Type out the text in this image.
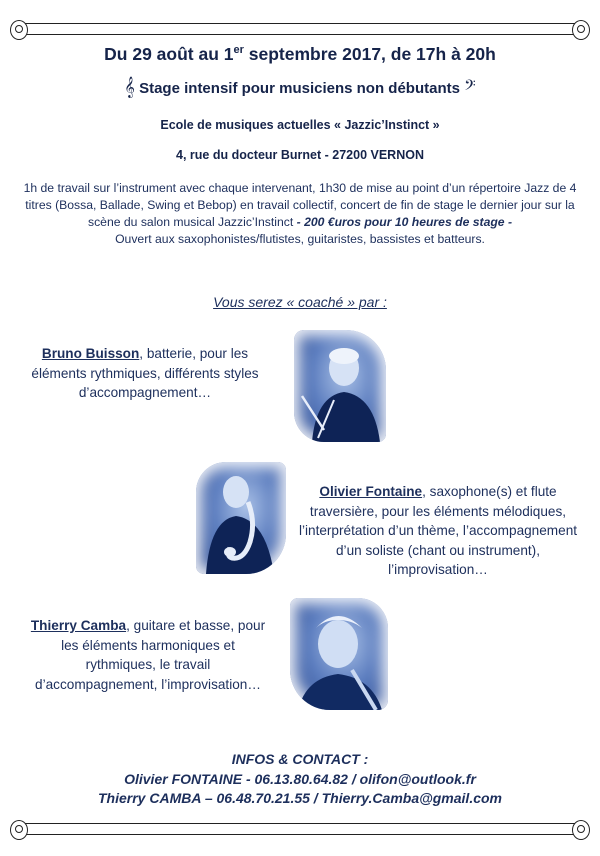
Du 29 août au 1er septembre 2017, de 17h à 20h
𝄞 Stage intensif pour musiciens non débutants 𝄢
Ecole de musiques actuelles « Jazzic’Instinct »
4, rue du docteur Burnet - 27200 VERNON
1h de travail sur l’instrument avec chaque intervenant, 1h30 de mise au point d’un répertoire Jazz de 4 titres (Bossa, Ballade, Swing et Bebop) en travail collectif, concert de fin de stage le dernier jour sur la scène du salon musical Jazzic’Instinct - 200 €uros pour 10 heures de stage -
Ouvert aux saxophonistes/flutistes, guitaristes, bassistes et batteurs.
Vous serez « coaché » par :
Bruno Buisson, batterie, pour les éléments rythmiques, différents styles d’accompagnement…
Olivier Fontaine, saxophone(s) et flute traversière, pour les éléments mélodiques, l’interprétation d’un thème, l’accompagnement d’un soliste (chant ou instrument), l’improvisation…
Thierry Camba, guitare et basse, pour les éléments harmoniques et rythmiques, le travail d’accompagnement, l’improvisation…
INFOS & CONTACT :
Olivier FONTAINE - 06.13.80.64.82 / olifon@outlook.fr
Thierry CAMBA – 06.48.70.21.55 / Thierry.Camba@gmail.com
